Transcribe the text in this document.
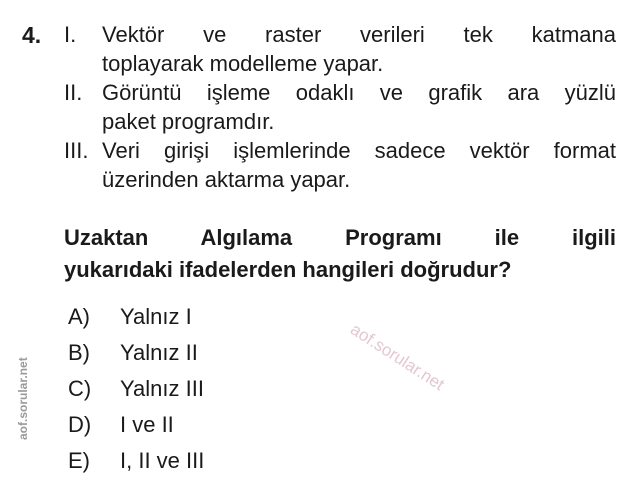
4. I. Vektör ve raster verileri tek katmana
toplayarak modelleme yapar.
II. Görüntü işleme odaklı ve grafik ara yüzlü
paket programdır.
III. Veri girişi işlemlerinde sadece vektör format
üzerinden aktarma yapar.
Uzaktan Algılama Programı ile ilgili
yukarıdaki ifadelerden hangileri doğrudur?
A) Yalnız I
B) Yalnız II
C) Yalnız III
D) I ve II
E) I, II ve III
aof.sorular.net
aof.sorular.net
